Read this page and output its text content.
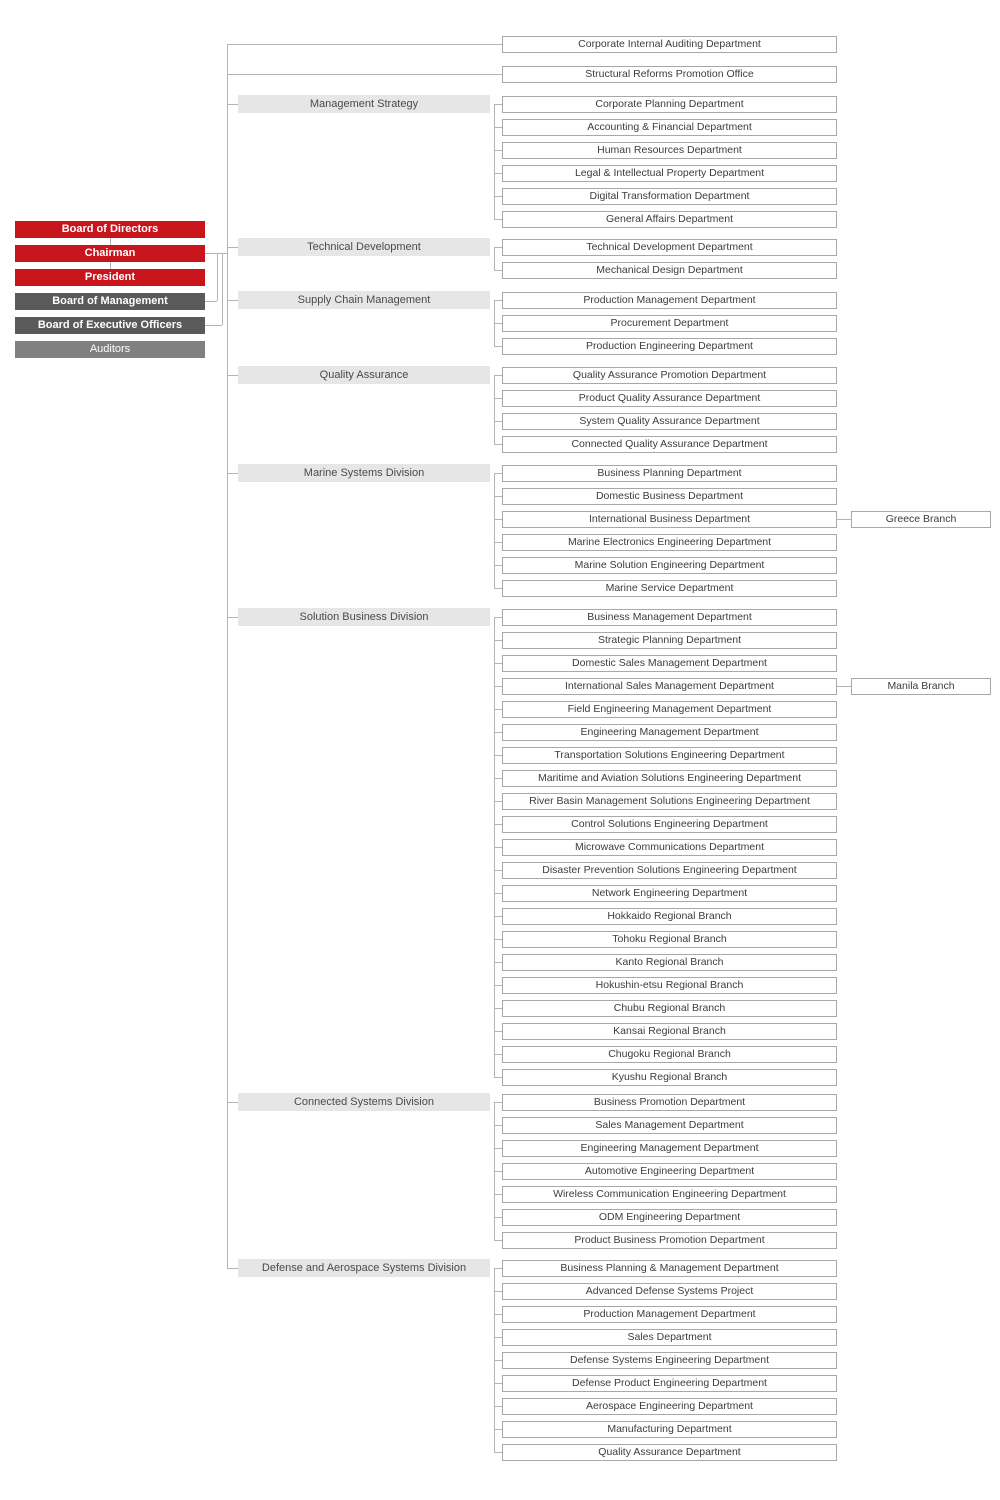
Board of Directors
Chairman
President
Board of Management
Board of Executive Officers
Auditors
Corporate Internal Auditing Department
Structural Reforms Promotion Office
Management Strategy	Corporate Planning Department
Accounting & Financial Department
Human Resources Department
Legal & Intellectual Property Department
Digital Transformation Department
General Affairs Department
Technical Development	Technical Development Department
Mechanical Design Department
Supply Chain Management	Production Management Department
Procurement Department
Production Engineering Department
Quality Assurance	Quality Assurance Promotion Department
Product Quality Assurance Department
System Quality Assurance Department
Connected Quality Assurance Department
Marine Systems Division	Business Planning Department
Domestic Business Department
International Business Department	Greece Branch
Marine Electronics Engineering Department
Marine Solution Engineering Department
Marine Service Department
Solution Business Division	Business Management Department
Strategic Planning Department
Domestic Sales Management Department
International Sales Management Department	Manila Branch
Field Engineering Management Department
Engineering Management Department
Transportation Solutions Engineering Department
Maritime and Aviation Solutions Engineering Department
River Basin Management Solutions Engineering Department
Control Solutions Engineering Department
Microwave Communications Department
Disaster Prevention Solutions Engineering Department
Network Engineering Department
Hokkaido Regional Branch
Tohoku Regional Branch
Kanto Regional Branch
Hokushin-etsu Regional Branch
Chubu Regional Branch
Kansai Regional Branch
Chugoku Regional Branch
Kyushu Regional Branch
Connected Systems Division	Business Promotion Department
Sales Management Department
Engineering Management Department
Automotive Engineering Department
Wireless Communication Engineering Department
ODM Engineering Department
Product Business Promotion Department
Defense and Aerospace Systems Division	Business Planning & Management Department
Advanced Defense Systems Project
Production Management Department
Sales Department
Defense Systems Engineering Department
Defense Product Engineering Department
Aerospace Engineering Department
Manufacturing Department
Quality Assurance Department
